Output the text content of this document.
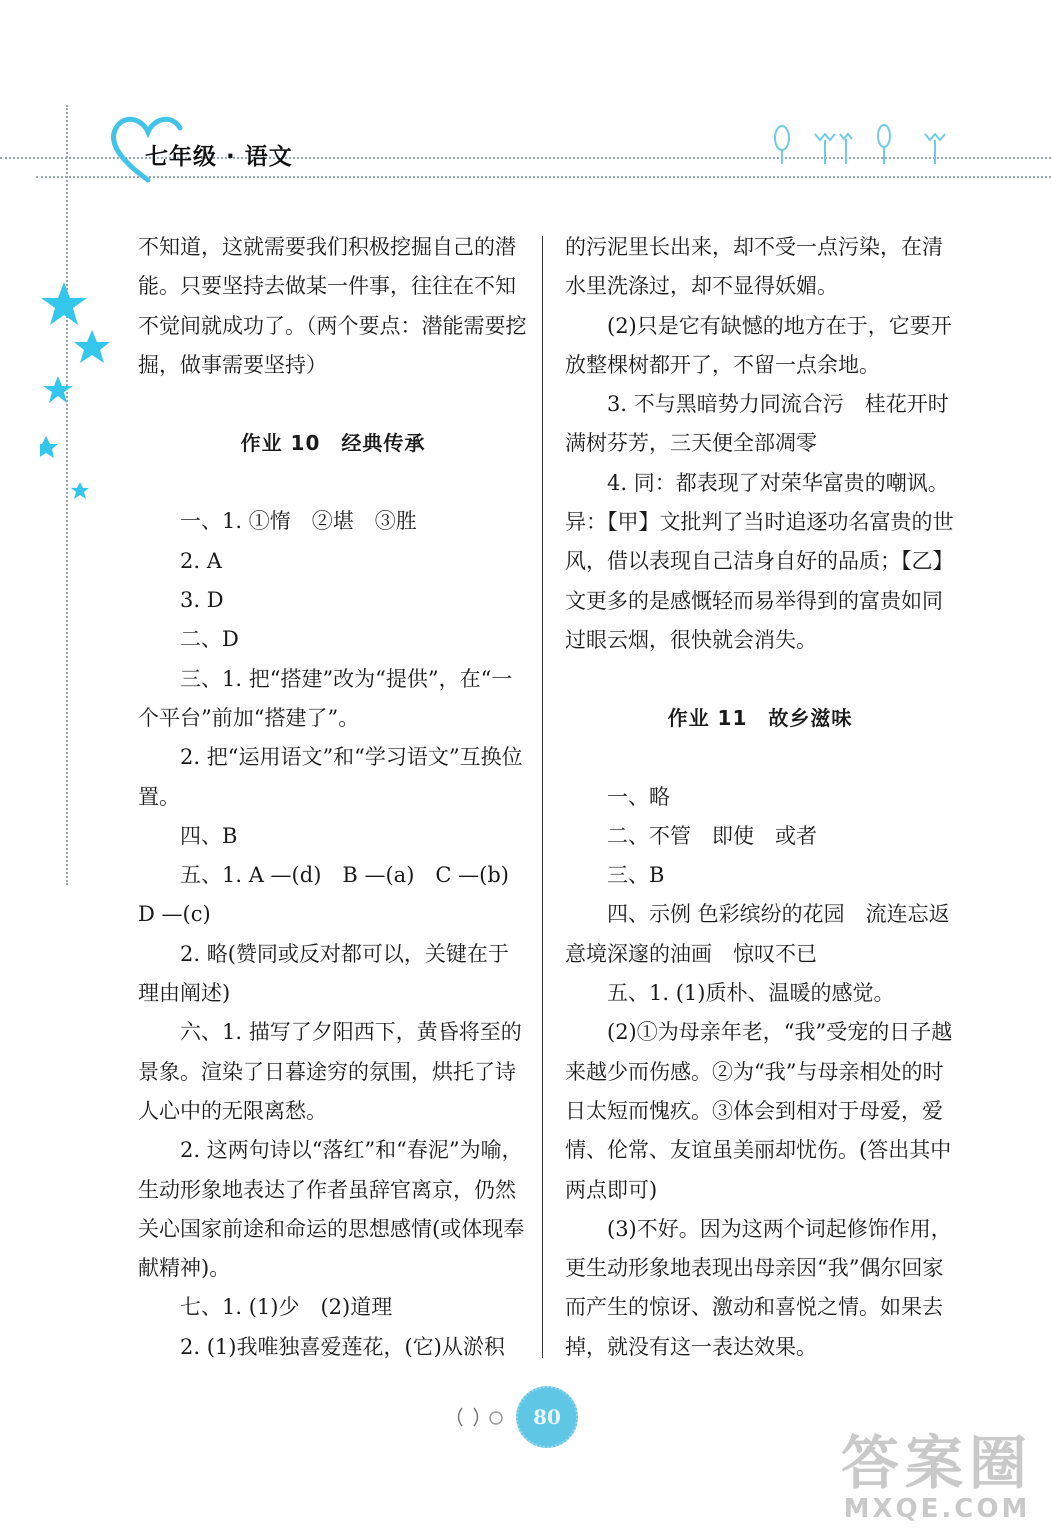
七年级 · 语文

不知道，这就需要我们积极挖掘自己的潜能。只要坚持去做某一件事，往往在不知不觉间就成功了。（两个要点：潜能需要挖掘，做事需要坚持）

作业 10　经典传承

一、1. ①惰　②堪　③胜

2. A

3. D

二、D

三、1. 把“搭建”改为“提供”，在“一个平台”前加“搭建了”。

2. 把“运用语文”和“学习语文”互换位置。

四、B

五、1. A —(d)　B —(a)　C —(b)

D —(c)

2. 略(赞同或反对都可以，关键在于理由阐述)

六、1. 描写了夕阳西下，黄昏将至的景象。渲染了日暮途穷的氛围，烘托了诗人心中的无限离愁。

2. 这两句诗以“落红”和“春泥”为喻，生动形象地表达了作者虽辞官离京，仍然关心国家前途和命运的思想感情(或体现奉献精神)。

七、1. (1)少　(2)道理

2. (1)我唯独喜爱莲花，(它)从淤积

的污泥里长出来，却不受一点污染，在清水里洗涤过，却不显得妖媚。

(2)只是它有缺憾的地方在于，它要开放整棵树都开了，不留一点余地。

3. 不与黑暗势力同流合污　桂花开时满树芬芳，三天便全部凋零

4. 同：都表现了对荣华富贵的嘲讽。异：【甲】文批判了当时追逐功名富贵的世风，借以表现自己洁身自好的品质；【乙】文更多的是感慨轻而易举得到的富贵如同过眼云烟，很快就会消失。

作业 11　故乡滋味

一、略

二、不管　即使　或者

三、B

四、示例 色彩缤纷的花园　流连忘返　意境深邃的油画　惊叹不已

五、1. (1)质朴、温暖的感觉。

(2)①为母亲年老，“我”受宠的日子越来越少而伤感。②为“我”与母亲相处的时日太短而愧疚。③体会到相对于母爱，爱情、伦常、友谊虽美丽却忧伤。(答出其中两点即可)

(3)不好。因为这两个词起修饰作用，更生动形象地表现出母亲因“我”偶尔回家而产生的惊讶、激动和喜悦之情。如果去掉，就没有这一表达效果。

80
答案圈
MXQE.COM
